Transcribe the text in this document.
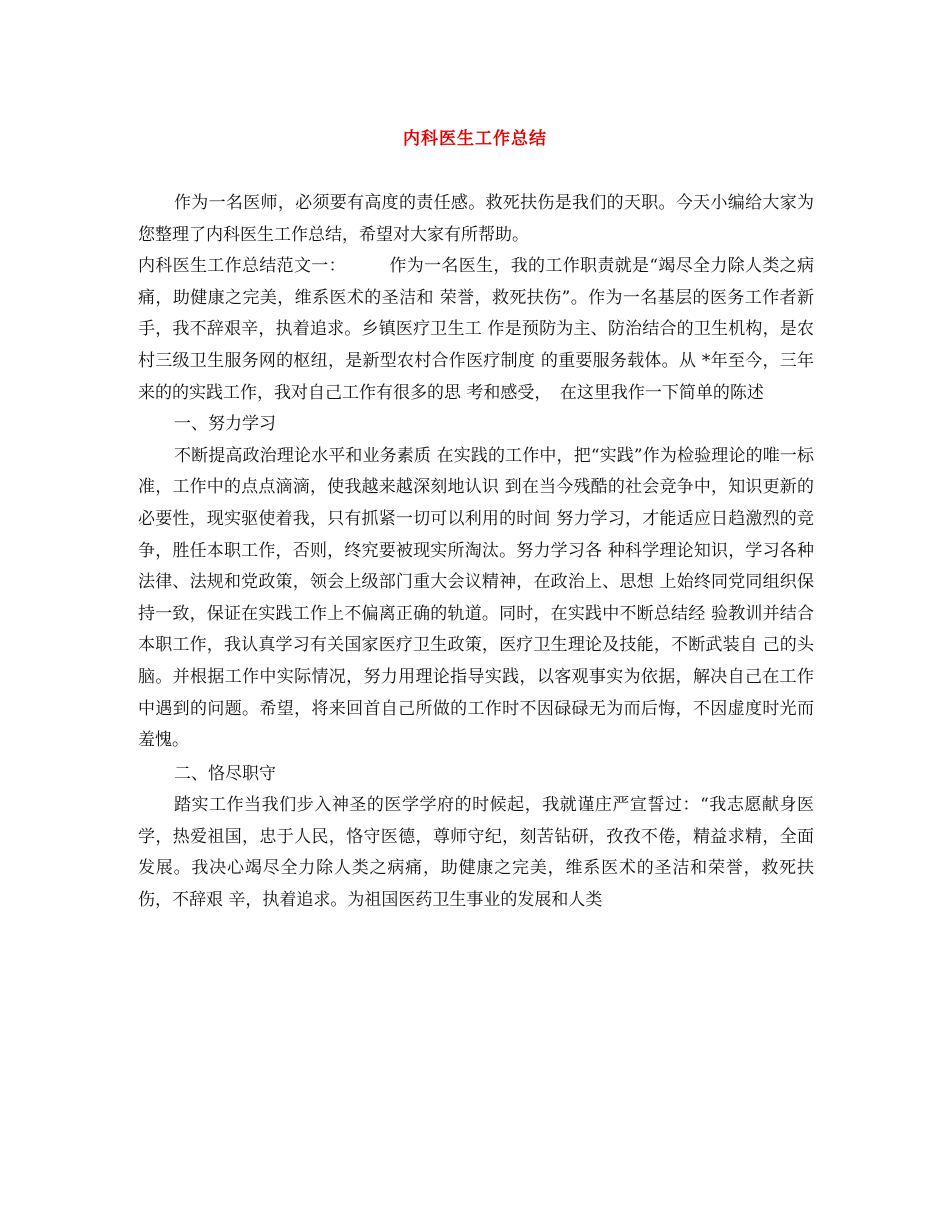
内科医生工作总结

作为一名医师，必须要有高度的责任感。救死扶伤是我们的天职。今天小编给大家为您整理了内科医生工作总结，希望对大家有所帮助。

内科医生工作总结范文一：　　　作为一名医生，我的工作职责就是“竭尽全力除人类之病痛，助健康之完美，维系医术的圣洁和 荣誉，救死扶伤”。作为一名基层的医务工作者新手，我不辞艰辛，执着追求。乡镇医疗卫生工 作是预防为主、防治结合的卫生机构，是农村三级卫生服务网的枢纽，是新型农村合作医疗制度 的重要服务载体。从 *年至今，三年来的的实践工作，我对自己工作有很多的思 考和感受，　在这里我作一下简单的陈述

一、努力学习

不断提高政治理论水平和业务素质 在实践的工作中，把“实践”作为检验理论的唯一标准，工作中的点点滴滴，使我越来越深刻地认识 到在当今残酷的社会竞争中，知识更新的必要性，现实驱使着我，只有抓紧一切可以利用的时间 努力学习，才能适应日趋激烈的竞争，胜任本职工作，否则，终究要被现实所淘汰。努力学习各 种科学理论知识，学习各种法律、法规和党政策，领会上级部门重大会议精神，在政治上、思想 上始终同党同组织保持一致，保证在实践工作上不偏离正确的轨道。同时，在实践中不断总结经 验教训并结合本职工作，我认真学习有关国家医疗卫生政策，医疗卫生理论及技能，不断武装自 己的头脑。并根据工作中实际情况，努力用理论指导实践，以客观事实为依据，解决自己在工作 中遇到的问题。希望，将来回首自己所做的工作时不因碌碌无为而后悔，不因虚度时光而羞愧。

二、恪尽职守

踏实工作当我们步入神圣的医学学府的时候起，我就谨庄严宣誓过：“我志愿献身医学，热爱祖国，忠于人民，恪守医德，尊师守纪，刻苦钻研，孜孜不倦，精益求精，全面发展。我决心竭尽全力除人类之病痛，助健康之完美，维系医术的圣洁和荣誉，救死扶伤，不辞艰 辛，执着追求。为祖国医药卫生事业的发展和人类
